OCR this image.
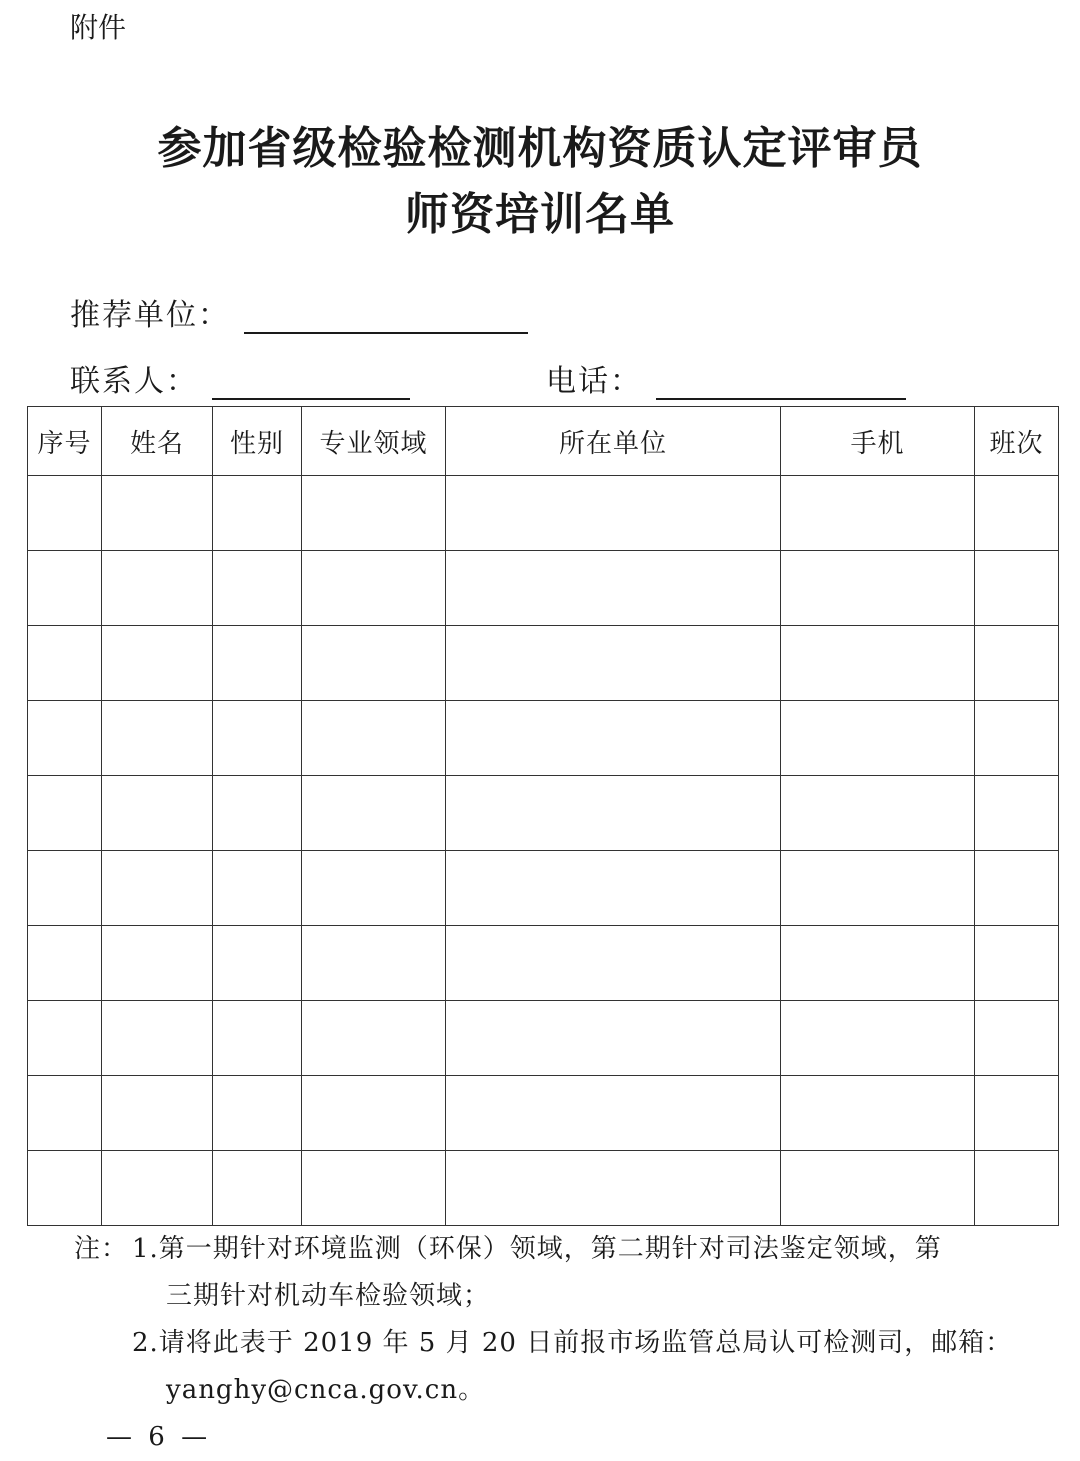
附件
参加省级检验检测机构资质认定评审员
师资培训名单
推荐单位：
联系人：	电话：
序号	姓名	性别	专业领域	所在单位	手机	班次

注： 1.第一期针对环境监测（环保）领域，第二期针对司法鉴定领域，第
三期针对机动车检验领域；
2.请将此表于 2019 年 5 月 20 日前报市场监管总局认可检测司，邮箱：
yanghy@cnca.gov.cn。
— 6 —
